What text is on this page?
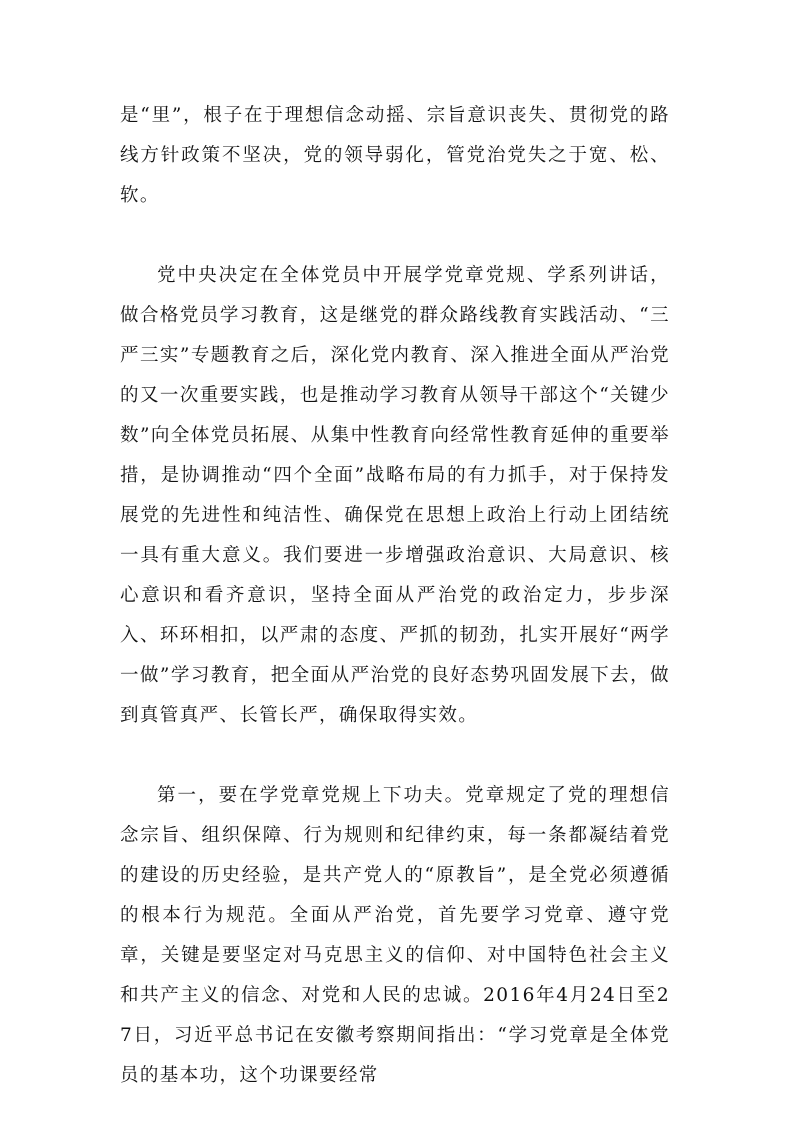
是“里”，根子在于理想信念动摇、宗旨意识丧失、贯彻党的路线方针政策不坚决，党的领导弱化，管党治党失之于宽、松、软。

党中央决定在全体党员中开展学党章党规、学系列讲话，做合格党员学习教育，这是继党的群众路线教育实践活动、“三严三实”专题教育之后，深化党内教育、深入推进全面从严治党的又一次重要实践，也是推动学习教育从领导干部这个“关键少数”向全体党员拓展、从集中性教育向经常性教育延伸的重要举措，是协调推动“四个全面”战略布局的有力抓手，对于保持发展党的先进性和纯洁性、确保党在思想上政治上行动上团结统一具有重大意义。我们要进一步增强政治意识、大局意识、核心意识和看齐意识，坚持全面从严治党的政治定力，步步深入、环环相扣，以严肃的态度、严抓的韧劲，扎实开展好“两学一做”学习教育，把全面从严治党的良好态势巩固发展下去，做到真管真严、长管长严，确保取得实效。

第一，要在学党章党规上下功夫。党章规定了党的理想信念宗旨、组织保障、行为规则和纪律约束，每一条都凝结着党的建设的历史经验，是共产党人的“原教旨”，是全党必须遵循的根本行为规范。全面从严治党，首先要学习党章、遵守党章，关键是要坚定对马克思主义的信仰、对中国特色社会主义和共产主义的信念、对党和人民的忠诚。2016年4月24日至27日，习近平总书记在安徽考察期间指出：“学习党章是全体党员的基本功，这个功课要经常
